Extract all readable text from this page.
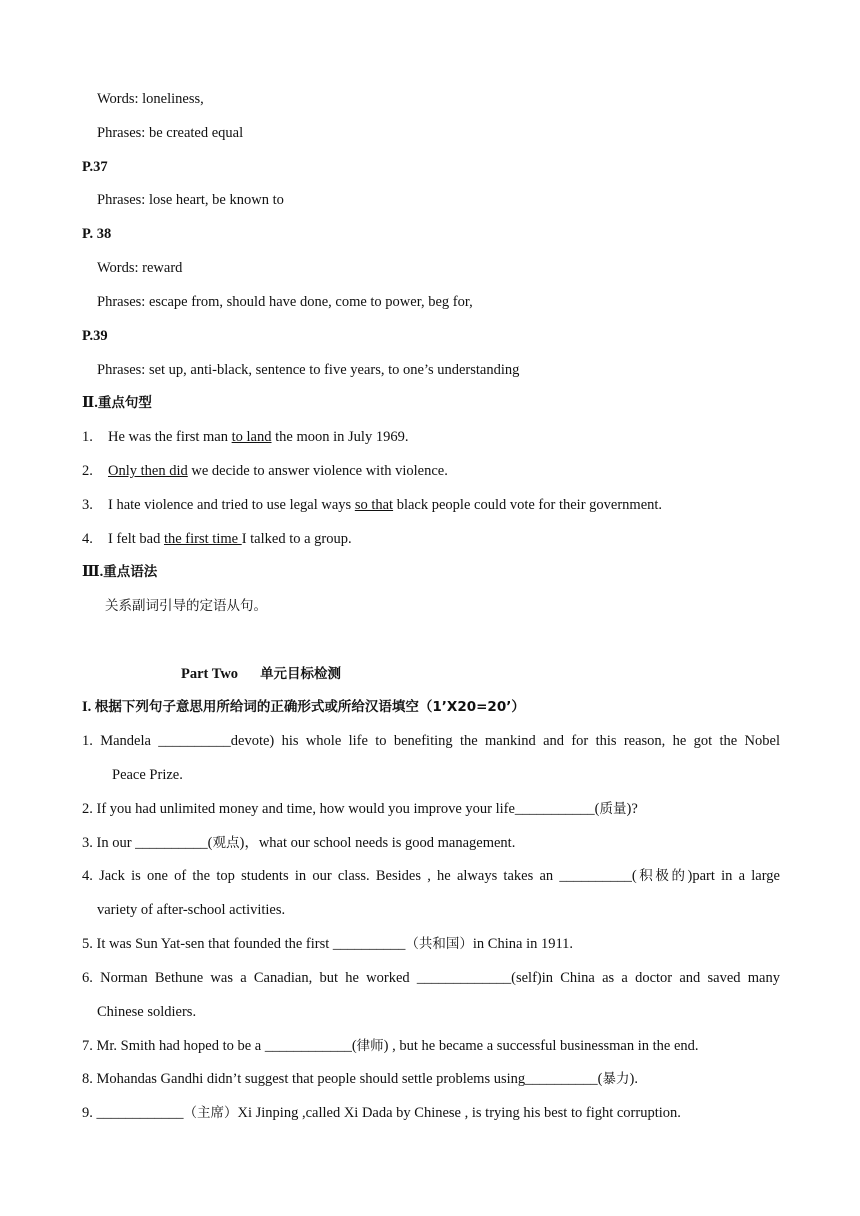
Words: loneliness,
Phrases: be created equal
P.37
Phrases: lose heart, be known to
P. 38
Words: reward
Phrases: escape from, should have done, come to power, beg for,
P.39
Phrases: set up, anti-black, sentence to five years, to one’s understanding
Ⅱ.重点句型
1. He was the first man to land the moon in July 1969.
2. Only then did we decide to answer violence with violence.
3. I hate violence and tried to use legal ways so that black people could vote for their government.
4. I felt bad the first time I talked to a group.
Ⅲ.重点语法
关系副词引导的定语从句。
Part Two 单元目标检测
I. 根据下列句子意思用所给词的正确形式或所给汉语填空（1’X20=20’）
1. Mandela __________devote) his whole life to benefiting the mankind and for this reason, he got the Nobel
Peace Prize.
2. If you had unlimited money and time, how would you improve your life___________(质量)?
3. In our __________(观点)，what our school needs is good management.
4. Jack is one of the top students in our class. Besides , he always takes an __________(积极的)part in a large
variety of after-school activities.
5. It was Sun Yat-sen that founded the first __________（共和国）in China in 1911.
6. Norman Bethune was a Canadian, but he worked _____________(self)in China as a doctor and saved many
Chinese soldiers.
7. Mr. Smith had hoped to be a ____________(律师) , but he became a successful businessman in the end.
8. Mohandas Gandhi didn’t suggest that people should settle problems using__________(暴力).
9. ____________（主席）Xi Jinping ,called Xi Dada by Chinese , is trying his best to fight corruption.
